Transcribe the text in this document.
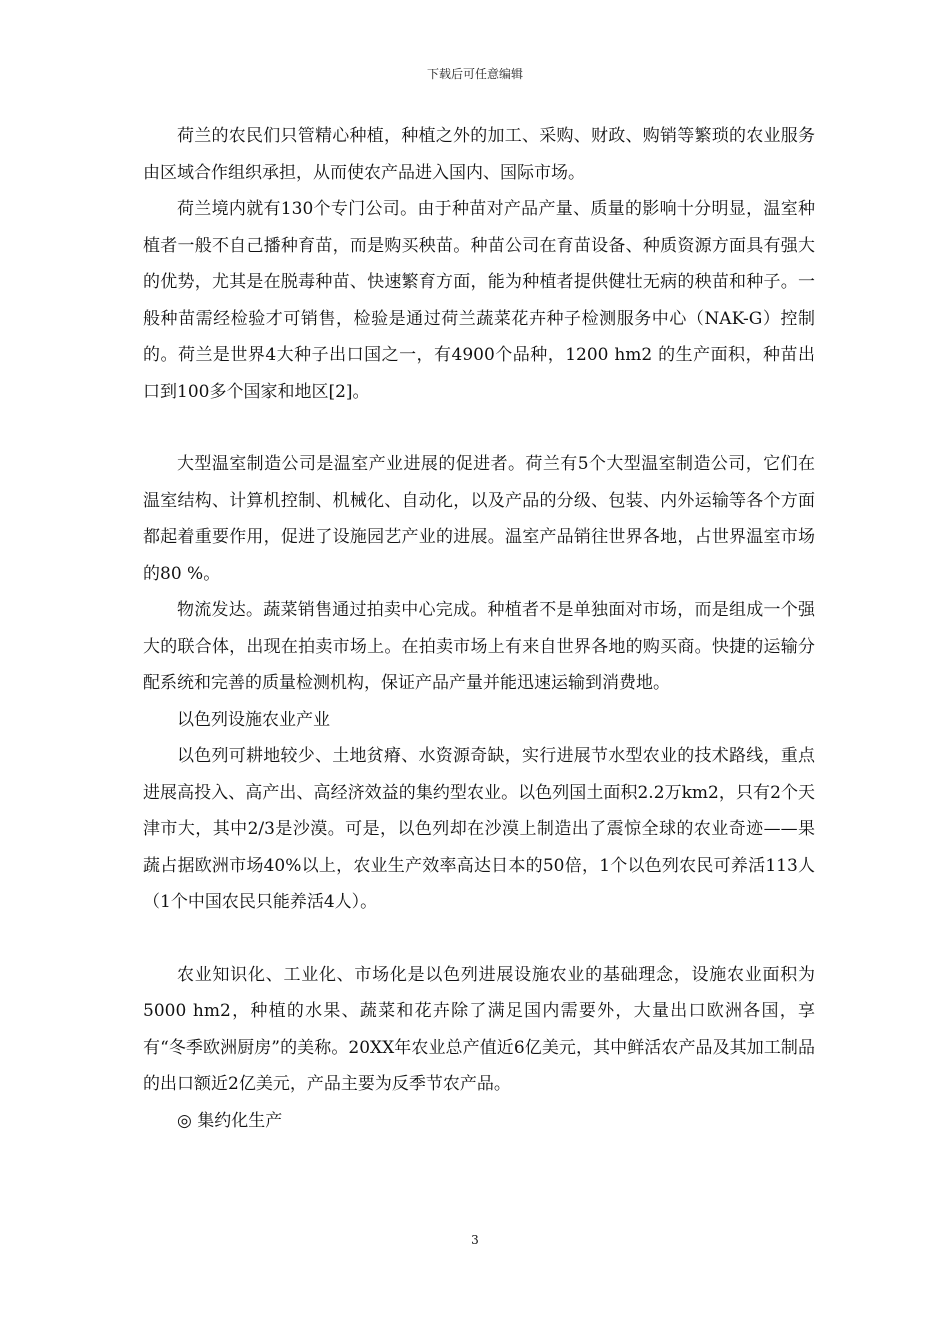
下载后可任意编辑

荷兰的农民们只管精心种植，种植之外的加工、采购、财政、购销等繁琐的农业服务由区域合作组织承担，从而使农产品进入国内、国际市场。

荷兰境内就有130个专门公司。由于种苗对产品产量、质量的影响十分明显，温室种植者一般不自己播种育苗，而是购买秧苗。种苗公司在育苗设备、种质资源方面具有强大的优势，尤其是在脱毒种苗、快速繁育方面，能为种植者提供健壮无病的秧苗和种子。一般种苗需经检验才可销售，检验是通过荷兰蔬菜花卉种子检测服务中心（NAK-G）控制的。荷兰是世界4大种子出口国之一，有4900个品种，1200 hm2 的生产面积，种苗出口到100多个国家和地区[2]。

大型温室制造公司是温室产业进展的促进者。荷兰有5个大型温室制造公司，它们在温室结构、计算机控制、机械化、自动化，以及产品的分级、包装、内外运输等各个方面都起着重要作用，促进了设施园艺产业的进展。温室产品销往世界各地，占世界温室市场的80 %。

物流发达。蔬菜销售通过拍卖中心完成。种植者不是单独面对市场，而是组成一个强大的联合体，出现在拍卖市场上。在拍卖市场上有来自世界各地的购买商。快捷的运输分配系统和完善的质量检测机构，保证产品产量并能迅速运输到消费地。

以色列设施农业产业

以色列可耕地较少、土地贫瘠、水资源奇缺，实行进展节水型农业的技术路线，重点进展高投入、高产出、高经济效益的集约型农业。以色列国土面积2.2万km2，只有2个天津市大，其中2/3是沙漠。可是，以色列却在沙漠上制造出了震惊全球的农业奇迹——果蔬占据欧洲市场40%以上，农业生产效率高达日本的50倍，1个以色列农民可养活113人（1个中国农民只能养活4人）。

农业知识化、工业化、市场化是以色列进展设施农业的基础理念，设施农业面积为5000 hm2，种植的水果、蔬菜和花卉除了满足国内需要外，大量出口欧洲各国，享有“冬季欧洲厨房”的美称。20XX年农业总产值近6亿美元，其中鲜活农产品及其加工制品的出口额近2亿美元，产品主要为反季节农产品。

◎ 集约化生产

3
